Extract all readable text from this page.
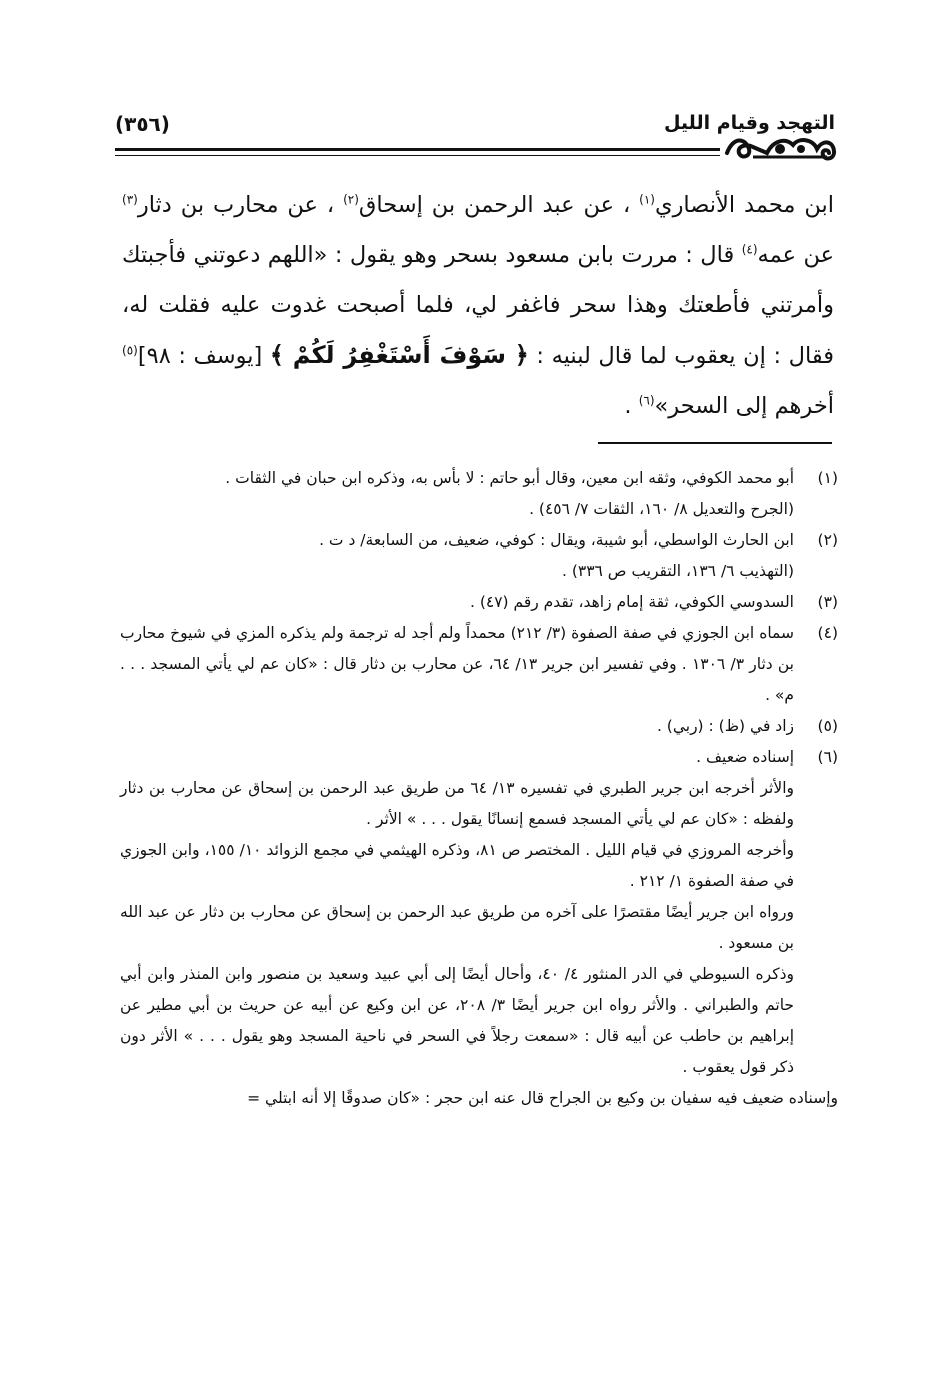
التهجد وقيام الليل
(٣٥٦)

ابن محمد الأنصاري$^{(١)}$ ، عن عبد الرحمن بن إسحاق$^{(٢)}$ ، عن محارب بن دثار$^{(٣)}$ عن عمه$^{(٤)}$ قال : مررت بابن مسعود بسحر وهو يقول : «اللهم دعوتني فأجبتك وأمرتني فأطعتك وهذا سحر فاغفر لي، فلما أصبحت غدوت عليه فقلت له، فقال : إن يعقوب لما قال لبنيه : ﴿ سَوْفَ أَسْتَغْفِرُ لَكُمْ ﴾ [يوسف : ٩٨]$^{(٥)}$ أخرهم إلى السحر»$^{(٦)}$ .

(١)
أبو محمد الكوفي، وثقه ابن معين، وقال أبو حاتم : لا بأس به، وذكره ابن حبان في الثقات .
(الجرح والتعديل ٨/ ١٦٠، الثقات ٧/ ٤٥٦) .
(٢)
ابن الحارث الواسطي، أبو شيبة، ويقال : كوفي، ضعيف، من السابعة/ د ت .
(التهذيب ٦/ ١٣٦، التقريب ص ٣٣٦) .
(٣)
السدوسي الكوفي، ثقة إمام زاهد، تقدم رقم (٤٧) .
(٤)
سماه ابن الجوزي في صفة الصفوة (٣/ ٢١٢) محمداً ولم أجد له ترجمة ولم يذكره المزي في شيوخ محارب بن دثار ٣/ ١٣٠٦ . وفي تفسير ابن جرير ١٣/ ٦٤، عن محارب بن دثار قال : «كان عم لي يأتي المسجد . . . م» .
(٥)
زاد في (ظ) : (ربي) .
(٦)
إسناده ضعيف .
والأثر أخرجه ابن جرير الطبري في تفسيره ١٣/ ٦٤ من طريق عبد الرحمن بن إسحاق عن محارب بن دثار ولفظه : «كان عم لي يأتي المسجد فسمع إنسانًا يقول . . . » الأثر .
وأخرجه المروزي في قيام الليل . المختصر ص ٨١، وذكره الهيثمي في مجمع الزوائد ١٠/ ١٥٥، وابن الجوزي في صفة الصفوة ١/ ٢١٢ .
ورواه ابن جرير أيضًا مقتصرًا على آخره من طريق عبد الرحمن بن إسحاق عن محارب بن دثار عن عبد الله بن مسعود .
وذكره السيوطي في الدر المنثور ٤/ ٤٠، وأحال أيضًا إلى أبي عبيد وسعيد بن منصور وابن المنذر وابن أبي حاتم والطبراني . والأثر رواه ابن جرير أيضًا ٣/ ٢٠٨، عن ابن وكيع عن أبيه عن حريث بن أبي مطير عن إبراهيم بن حاطب عن أبيه قال : «سمعت رجلاً في السحر في ناحية المسجد وهو يقول . . . » الأثر دون ذكر قول يعقوب .
وإسناده ضعيف فيه سفيان بن وكيع بن الجراح قال عنه ابن حجر : «كان صدوقًا إلا أنه ابتلي =
